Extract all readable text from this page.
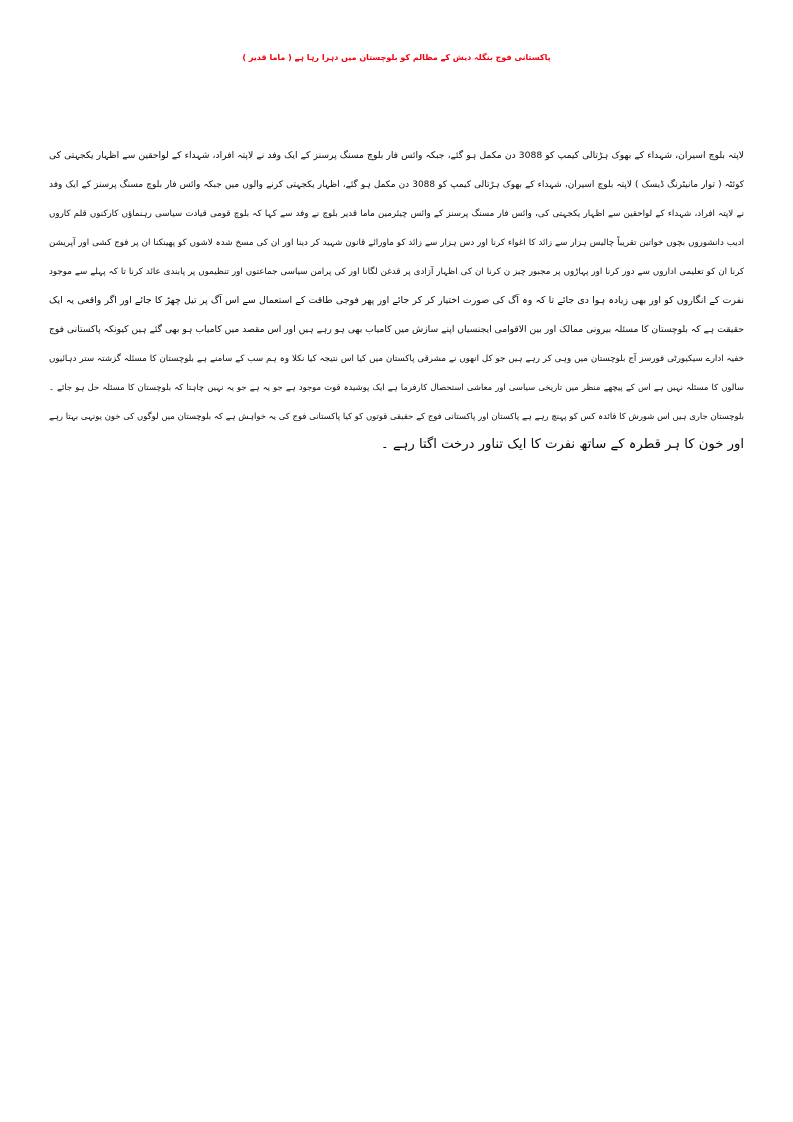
پاکستانی فوج بنگلہ دیش کے مظالم کو بلوچستان میں دہرا رہا ہے ( ماما قدیر )
لاپتہ بلوچ اسیران، شہداء کے بھوک ہڑتالی کیمپ کو 3088 دن مکمل ہو گئے، جبکہ وائس فار بلوچ مسنگ پرسنز کے ایک وفد نے لاپتہ افراد، شہداء کے لواحقین سے اظہار یکجہتی کی
کوئٹہ ( توار مانیٹرنگ ڈیسک ) لاپتہ بلوچ اسیران، شہداء کے بھوک ہڑتالی کیمپ کو 3088 دن مکمل ہو گئے، اظہار یکجہتی کرنے والوں میں جبکہ وائس فار بلوچ مسنگ پرسنز کے ایک وفد
نے لاپتہ افراد، شہداء کے لواحقین سے اظہار یکجہتی کی، وائس فار مسنگ پرسنز کے وائس چیئرمین ماما قدیر بلوچ نے وفد سے کہا کہ بلوچ قومی قیادت سیاسی رہنماؤں کارکنوں قلم کاروں
ادیب دانشوروں بچوں خواتین تقریباً چالیس ہزار سے زائد کا اغواء کرنا اور دس ہزار سے زائد کو ماورائے قانون شہید کر دینا اور ان کی مسخ شدہ لاشوں کو پھینکنا ان پر فوج کشی اور آپریشن
کرنا ان کو تعلیمی اداروں سے دور کرنا اور پہاڑوں پر مجبور چیز ن کرنا ان کی اظہار آزادی پر قدغن لگانا اور کی پرامن سیاسی جماعتوں اور تنظیموں پر پابندی عائد کرنا تا کہ پہلے سے موجود
نفرت کے انگاروں کو اور بھی زیادہ ہوا دی جائے تا کہ وہ آگ کی صورت اختیار کر کر جائے اور پھر فوجی طاقت کے استعمال سے اس آگ پر تیل چھڑ کا جائے اور اگر واقعی یہ ایک
حقیقت ہے کہ بلوچستان کا مسئلہ بیرونی ممالک اور بین الاقوامی ایجنسیاں اپنے سازش میں کامیاب بھی ہو رہے ہیں اور اس مقصد میں کامیاب ہو بھی گئے ہیں کیونکہ پاکستانی فوج
خفیہ ادارے سیکیورٹی فورسز آج بلوچستان میں وہی کر رہے ہیں جو کل انھوں نے مشرقی پاکستان میں کیا اس نتیجہ کیا نکلا وہ ہم سب کے سامنے ہے بلوچستان کا مسئلہ گزشتہ ستر دہائیوں
سالوں کا مسئلہ نہیں ہے اس کے پیچھے منظر میں تاریخی سیاسی اور معاشی استحصال کارفرما ہے ایک پوشیدہ قوت موجود ہے جو یہ ہے جو یہ نہیں چاہتا کہ بلوچستان کا مسئلہ حل ہو جائے ۔
بلوچستان جاری ہیں اس شورش کا فائدہ کس کو پہنچ رہے ہے پاکستان اور پاکستانی فوج کے حقیقی قوتوں کو کیا پاکستانی فوج کی یہ خواہش ہے کہ بلوچستان میں لوگوں کی خون یونہی بہتا رہے
اور خون کا ہر قطرہ کے ساتھ نفرت کا ایک تناور درخت اگتا رہے ۔
